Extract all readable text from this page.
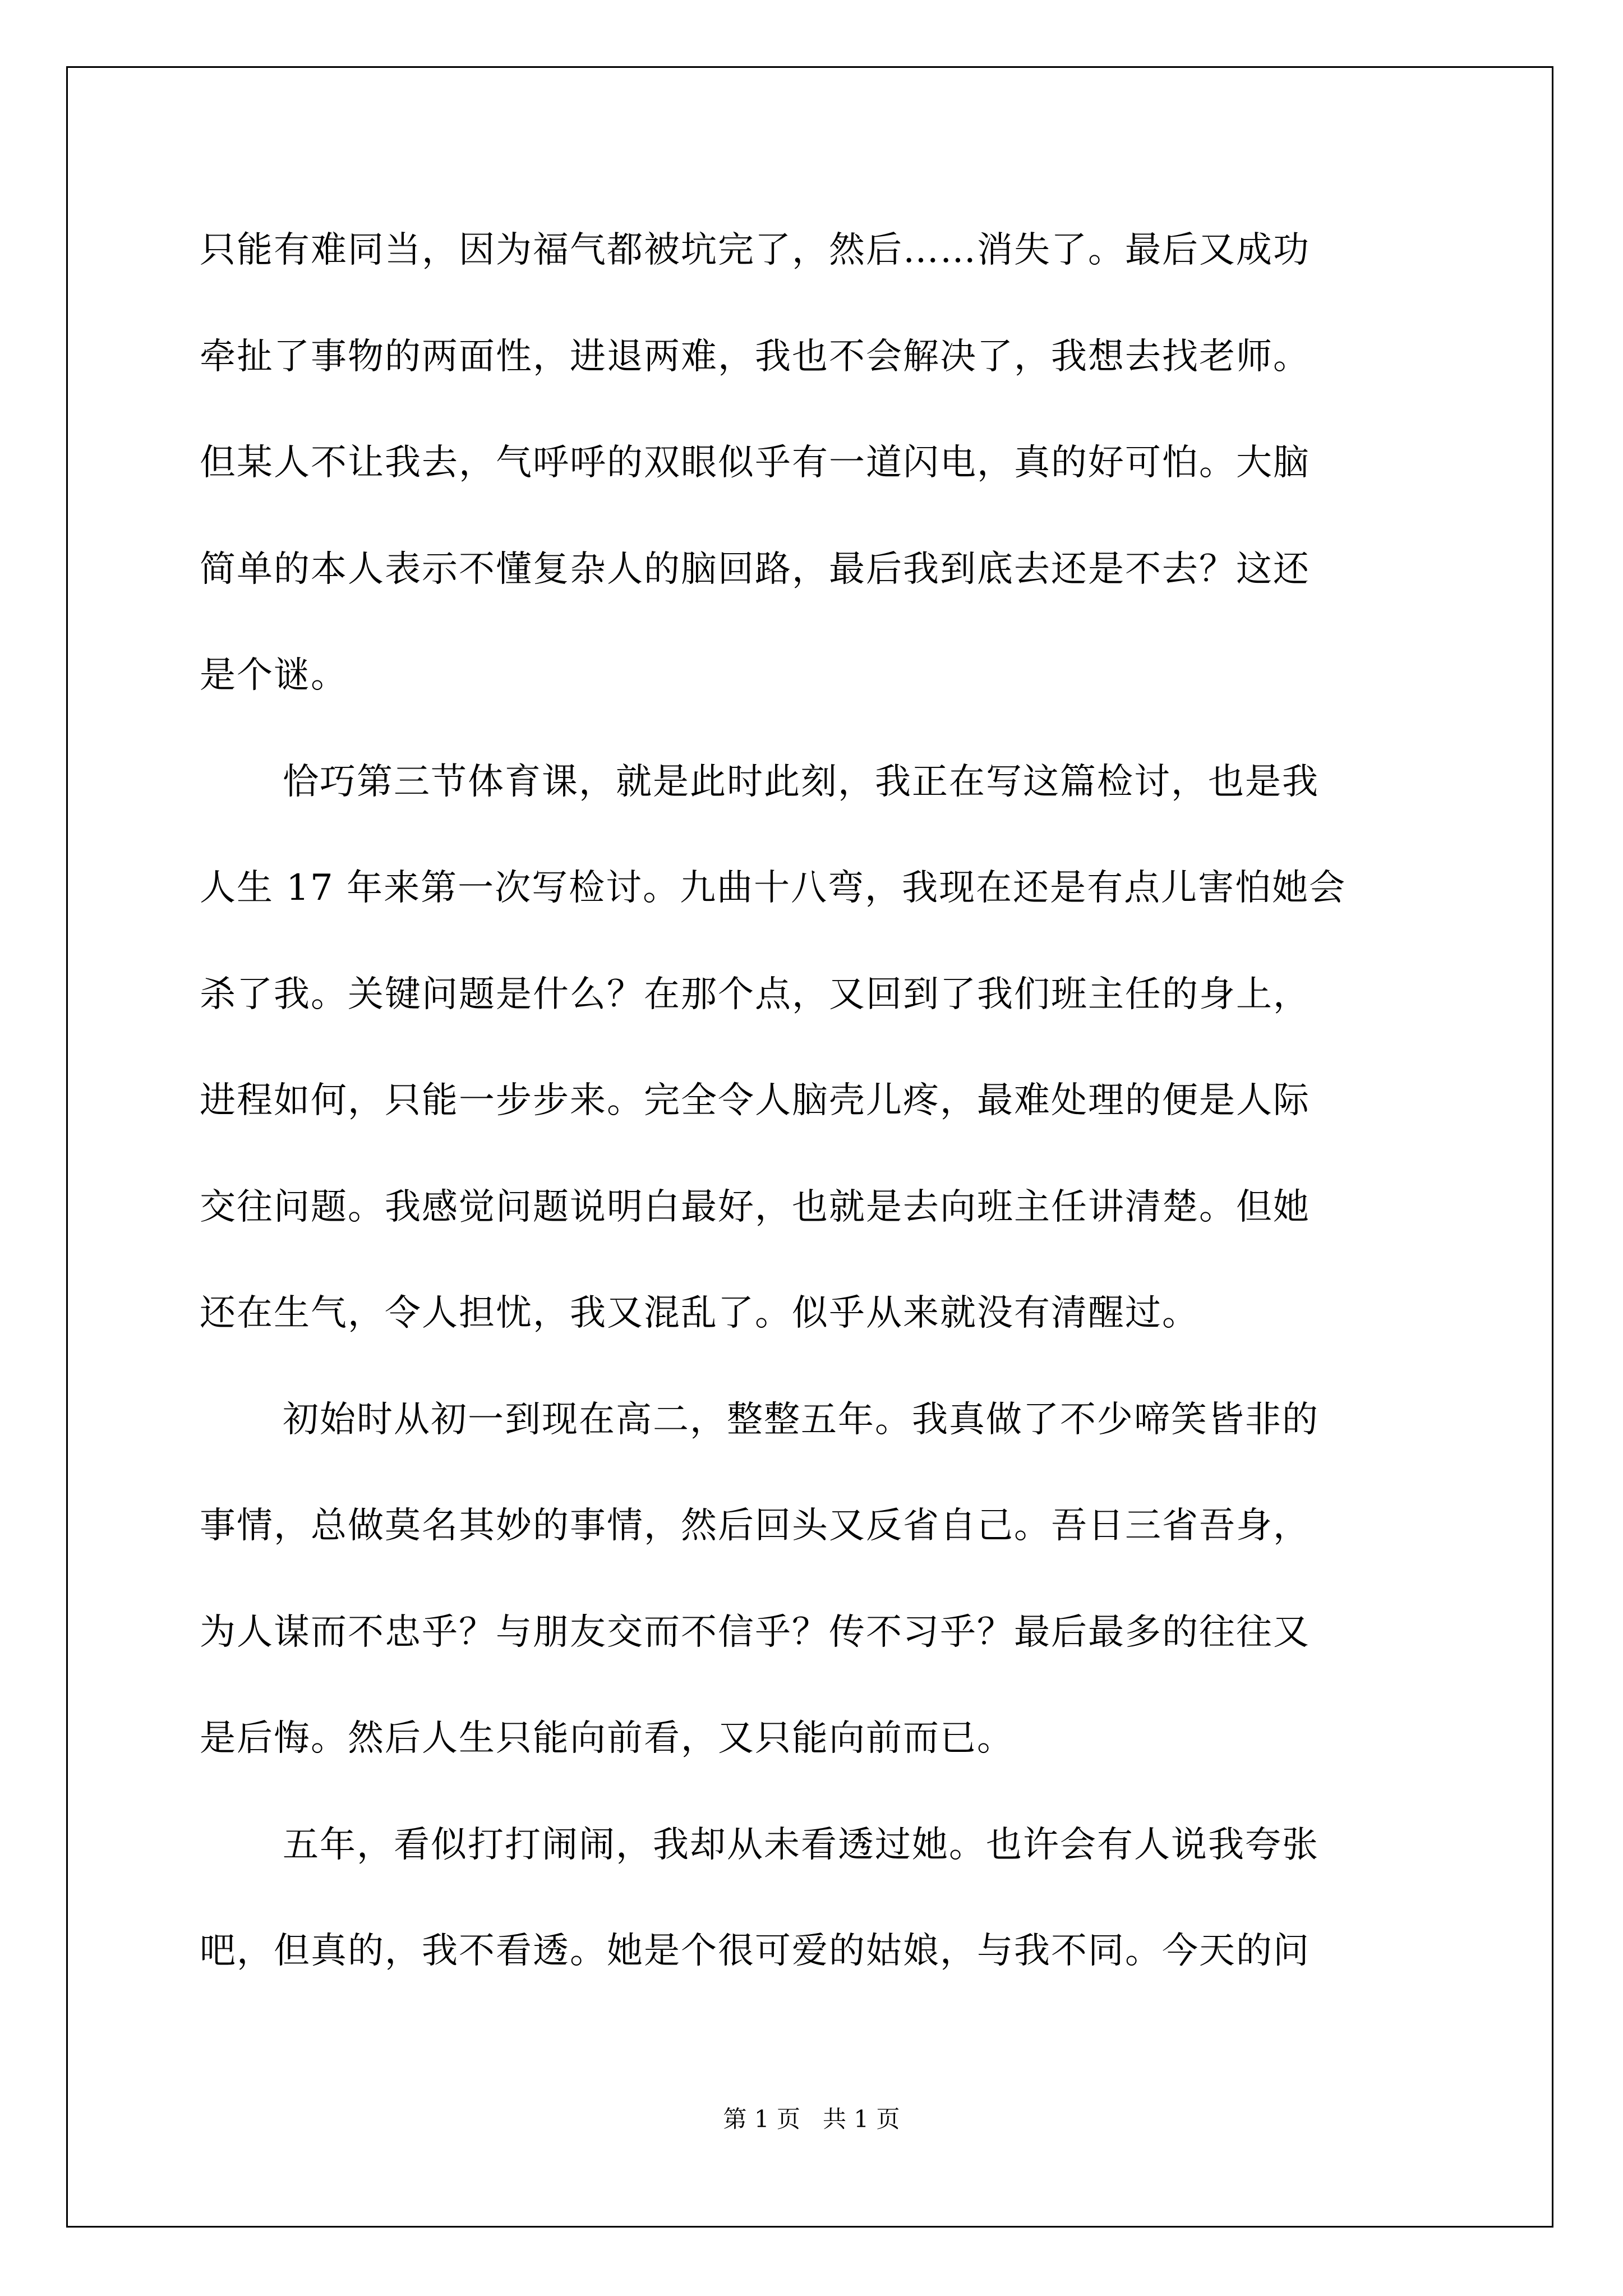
只能有难同当，因为福气都被坑完了，然后……消失了。最后又成功
牵扯了事物的两面性，进退两难，我也不会解决了，我想去找老师。
但某人不让我去，气呼呼的双眼似乎有一道闪电，真的好可怕。大脑
简单的本人表示不懂复杂人的脑回路，最后我到底去还是不去？这还
是个谜。
恰巧第三节体育课，就是此时此刻，我正在写这篇检讨，也是我
人生 17 年来第一次写检讨。九曲十八弯，我现在还是有点儿害怕她会
杀了我。关键问题是什么？在那个点，又回到了我们班主任的身上，
进程如何，只能一步步来。完全令人脑壳儿疼，最难处理的便是人际
交往问题。我感觉问题说明白最好，也就是去向班主任讲清楚。但她
还在生气，令人担忧，我又混乱了。似乎从来就没有清醒过。
初始时从初一到现在高二，整整五年。我真做了不少啼笑皆非的
事情，总做莫名其妙的事情，然后回头又反省自己。吾日三省吾身，
为人谋而不忠乎？与朋友交而不信乎？传不习乎？最后最多的往往又
是后悔。然后人生只能向前看，又只能向前而已。
五年，看似打打闹闹，我却从未看透过她。也许会有人说我夸张
吧，但真的，我不看透。她是个很可爱的姑娘，与我不同。今天的问
第 1 页   共 1 页
